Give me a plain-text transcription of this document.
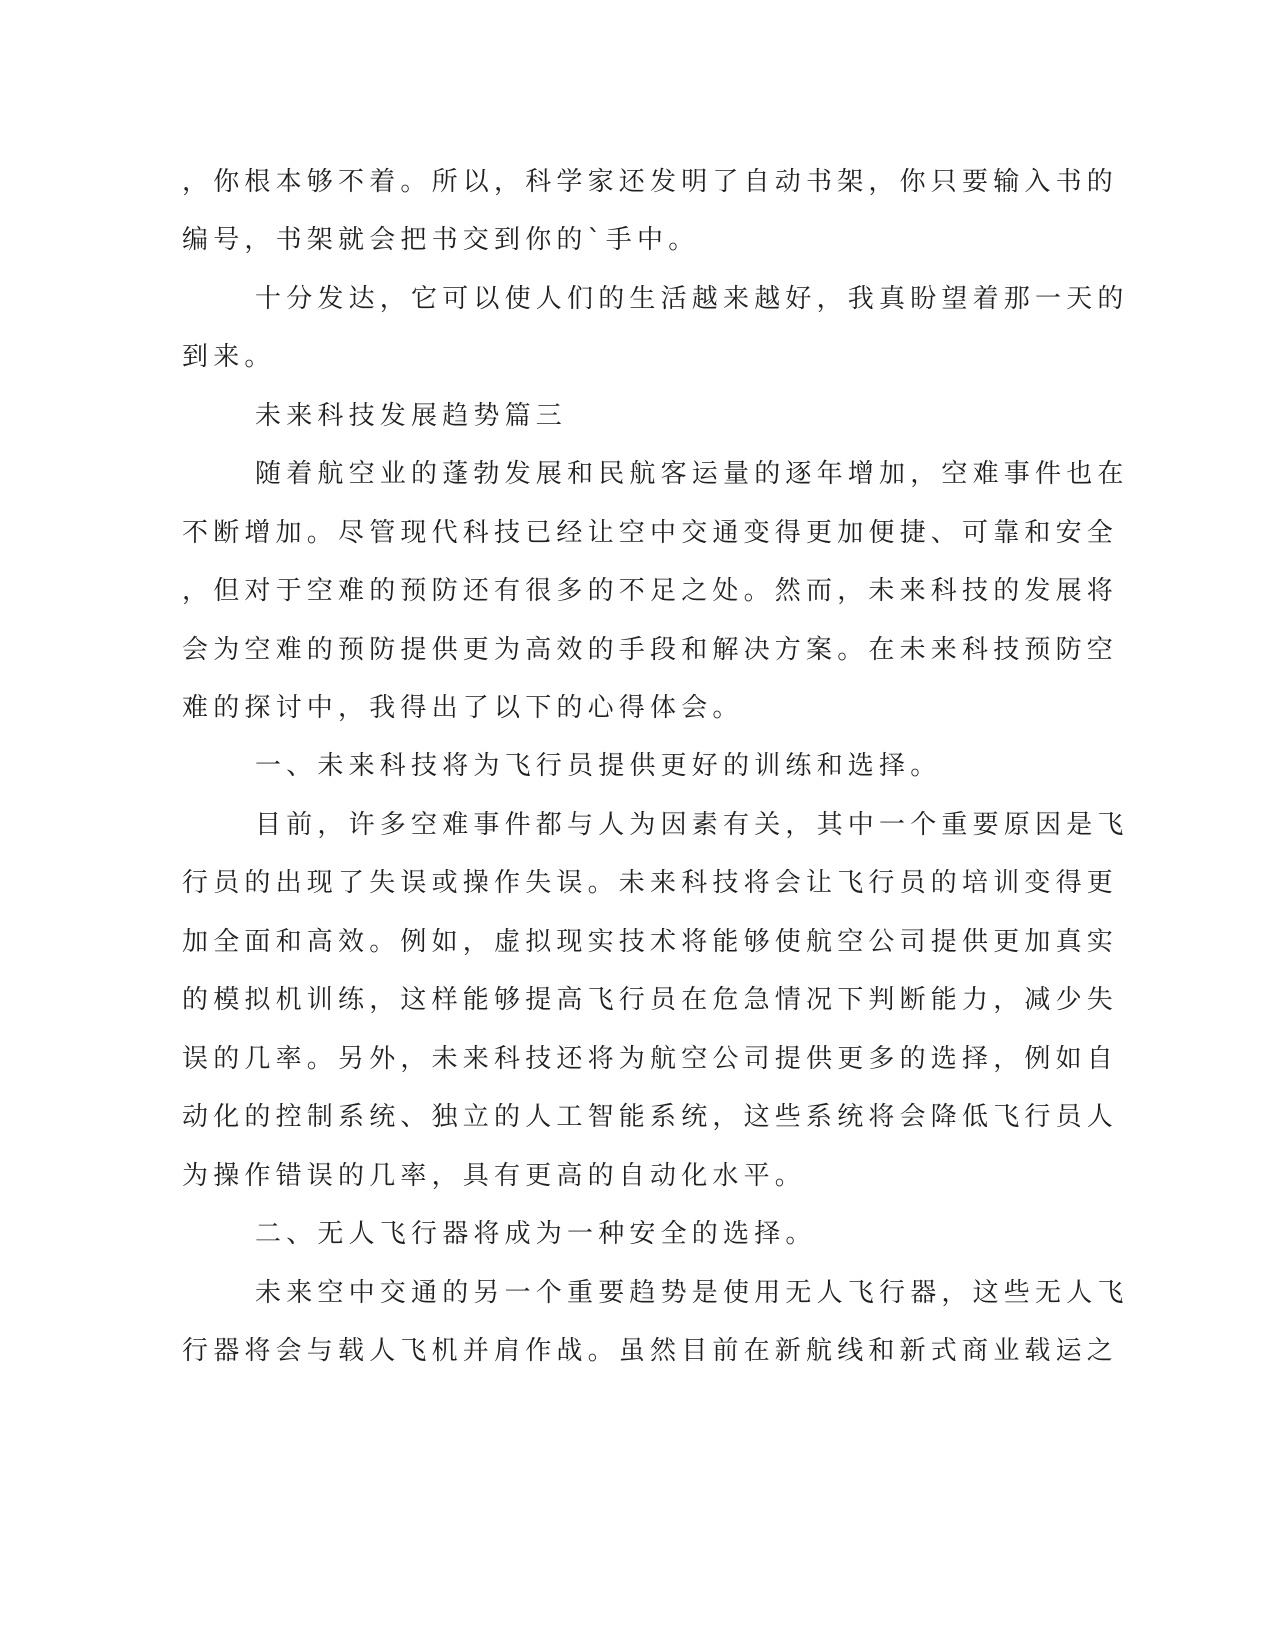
，你根本够不着。所以，科学家还发明了自动书架，你只要输入书的
编号，书架就会把书交到你的`手中。
十分发达，它可以使人们的生活越来越好，我真盼望着那一天的
到来。
未来科技发展趋势篇三
随着航空业的蓬勃发展和民航客运量的逐年增加，空难事件也在
不断增加。尽管现代科技已经让空中交通变得更加便捷、可靠和安全
，但对于空难的预防还有很多的不足之处。然而，未来科技的发展将
会为空难的预防提供更为高效的手段和解决方案。在未来科技预防空
难的探讨中，我得出了以下的心得体会。
一、未来科技将为飞行员提供更好的训练和选择。
目前，许多空难事件都与人为因素有关，其中一个重要原因是飞
行员的出现了失误或操作失误。未来科技将会让飞行员的培训变得更
加全面和高效。例如，虚拟现实技术将能够使航空公司提供更加真实
的模拟机训练，这样能够提高飞行员在危急情况下判断能力，减少失
误的几率。另外，未来科技还将为航空公司提供更多的选择，例如自
动化的控制系统、独立的人工智能系统，这些系统将会降低飞行员人
为操作错误的几率，具有更高的自动化水平。
二、无人飞行器将成为一种安全的选择。
未来空中交通的另一个重要趋势是使用无人飞行器，这些无人飞
行器将会与载人飞机并肩作战。虽然目前在新航线和新式商业载运之
